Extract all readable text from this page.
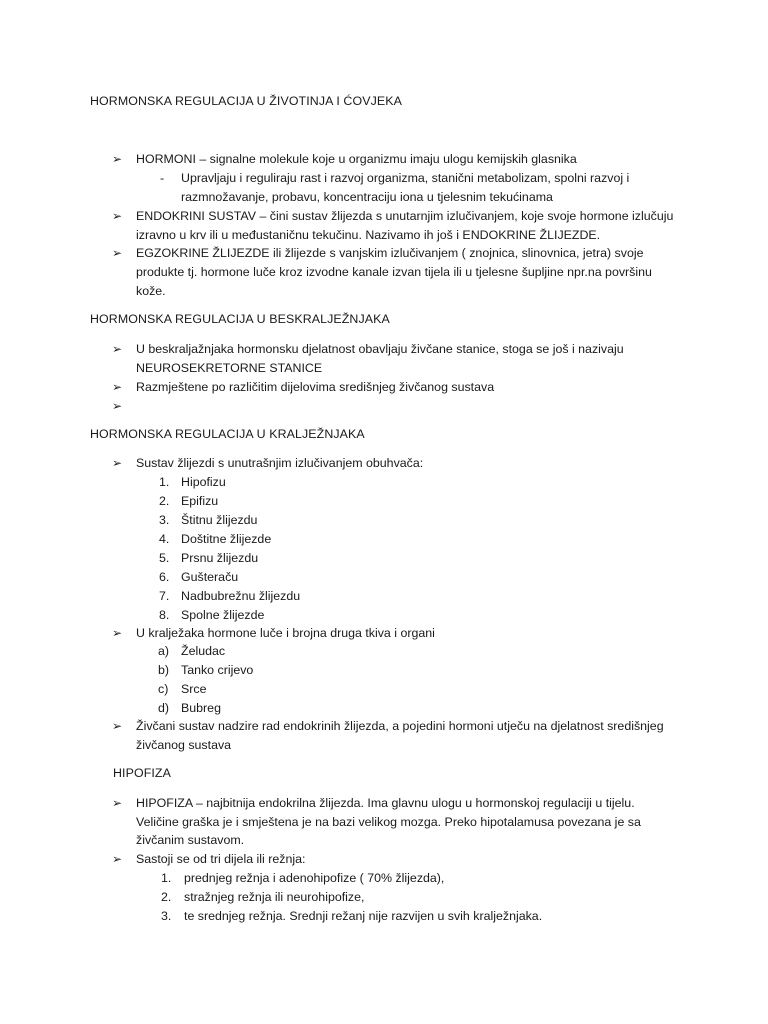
HORMONSKA REGULACIJA U ŽIVOTINJA I ĆOVJEKA
➢ HORMONI – signalne molekule koje u organizmu imaju ulogu kemijskih glasnika
- Upravljaju i reguliraju rast i razvoj organizma, stanični metabolizam, spolni razvoj i
razmnožavanje, probavu, koncentraciju iona u tjelesnim tekućinama
➢ ENDOKRINI SUSTAV – čini sustav žlijezda s unutarnjim izlučivanjem, koje svoje hormone izlučuju
izravno u krv ili u međustaničnu tekučinu. Nazivamo ih još i ENDOKRINE ŽLIJEZDE.
➢ EGZOKRINE ŽLIJEZDE ili žlijezde s vanjskim izlučivanjem ( znojnica, slinovnica, jetra) svoje
produkte tj. hormone luče kroz izvodne kanale izvan tijela ili u tjelesne šupljine npr.na površinu
kože.
HORMONSKA REGULACIJA U BESKRALJEŽNJAKA
➢ U beskraljažnjaka hormonsku djelatnost obavljaju živčane stanice, stoga se još i nazivaju
NEUROSEKRETORNE STANICE
➢ Razmještene po različitim dijelovima središnjeg živčanog sustava
➢
HORMONSKA REGULACIJA U KRALJEŽNJAKA
➢ Sustav žlijezdi s unutrašnjim izlučivanjem obuhvača:
1. Hipofizu
2. Epifizu
3. Štitnu žlijezdu
4. Doštitne žlijezde
5. Prsnu žlijezdu
6. Gušteraču
7. Nadbubrežnu žlijezdu
8. Spolne žlijezde
➢ U kralježaka hormone luče i brojna druga tkiva i organi
a) Želudac
b) Tanko crijevo
c) Srce
d) Bubreg
➢ Živčani sustav nadzire rad endokrinih žlijezda, a pojedini hormoni utječu na djelatnost središnjeg
živčanog sustava
HIPOFIZA
➢ HIPOFIZA – najbitnija endokrilna žlijezda. Ima glavnu ulogu u hormonskoj regulaciji u tijelu.
Veličine graška je i smještena je na bazi velikog mozga. Preko hipotalamusa povezana je sa
živčanim sustavom.
➢ Sastoji se od tri dijela ili režnja:
1. prednjeg režnja i adenohipofize ( 70% žlijezda),
2. stražnjeg režnja ili neurohipofize,
3. te srednjeg režnja. Srednji režanj nije razvijen u svih kralježnjaka.
